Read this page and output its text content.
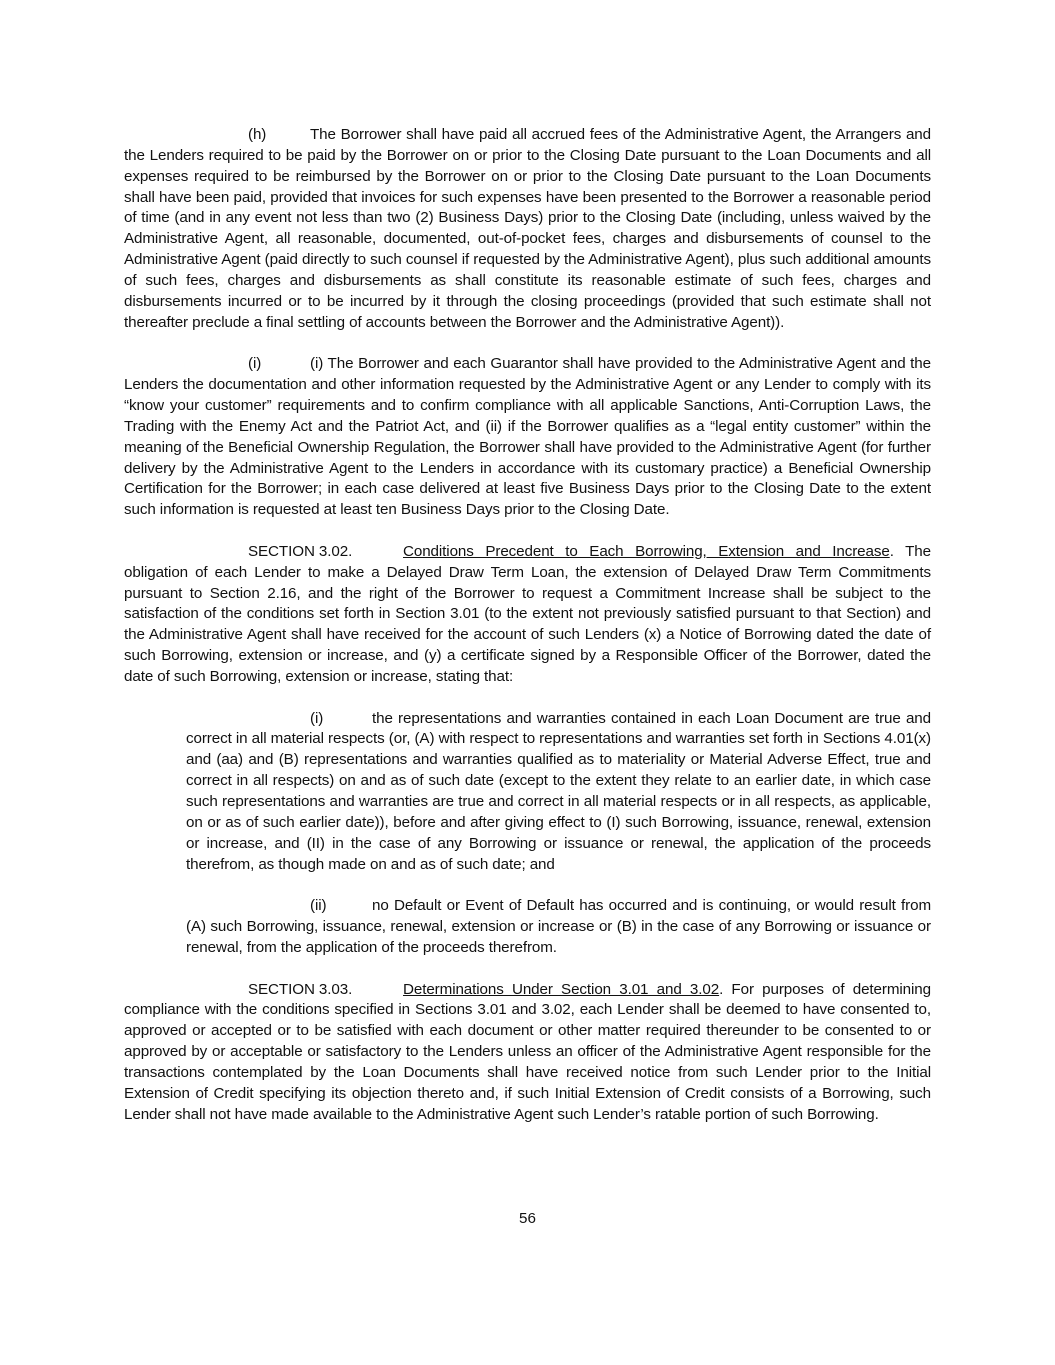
(h)	The Borrower shall have paid all accrued fees of the Administrative Agent, the Arrangers and the Lenders required to be paid by the Borrower on or prior to the Closing Date pursuant to the Loan Documents and all expenses required to be reimbursed by the Borrower on or prior to the Closing Date pursuant to the Loan Documents shall have been paid, provided that invoices for such expenses have been presented to the Borrower a reasonable period of time (and in any event not less than two (2) Business Days) prior to the Closing Date (including, unless waived by the Administrative Agent, all reasonable, documented, out-of-pocket fees, charges and disbursements of counsel to the Administrative Agent (paid directly to such counsel if requested by the Administrative Agent), plus such additional amounts of such fees, charges and disbursements as shall constitute its reasonable estimate of such fees, charges and disbursements incurred or to be incurred by it through the closing proceedings (provided that such estimate shall not thereafter preclude a final settling of accounts between the Borrower and the Administrative Agent)).

(i)	(i) The Borrower and each Guarantor shall have provided to the Administrative Agent and the Lenders the documentation and other information requested by the Administrative Agent or any Lender to comply with its “know your customer” requirements and to confirm compliance with all applicable Sanctions, Anti-Corruption Laws, the Trading with the Enemy Act and the Patriot Act, and (ii) if the Borrower qualifies as a “legal entity customer” within the meaning of the Beneficial Ownership Regulation, the Borrower shall have provided to the Administrative Agent (for further delivery by the Administrative Agent to the Lenders in accordance with its customary practice) a Beneficial Ownership Certification for the Borrower; in each case delivered at least five Business Days prior to the Closing Date to the extent such information is requested at least ten Business Days prior to the Closing Date.

SECTION 3.02.	Conditions Precedent to Each Borrowing, Extension and Increase. The obligation of each Lender to make a Delayed Draw Term Loan, the extension of Delayed Draw Term Commitments pursuant to Section 2.16, and the right of the Borrower to request a Commitment Increase shall be subject to the satisfaction of the conditions set forth in Section 3.01 (to the extent not previously satisfied pursuant to that Section) and the Administrative Agent shall have received for the account of such Lenders (x) a Notice of Borrowing dated the date of such Borrowing, extension or increase, and (y) a certificate signed by a Responsible Officer of the Borrower, dated the date of such Borrowing, extension or increase, stating that:

(i)	the representations and warranties contained in each Loan Document are true and correct in all material respects (or, (A) with respect to representations and warranties set forth in Sections 4.01(x) and (aa) and (B) representations and warranties qualified as to materiality or Material Adverse Effect, true and correct in all respects) on and as of such date (except to the extent they relate to an earlier date, in which case such representations and warranties are true and correct in all material respects or in all respects, as applicable, on or as of such earlier date)), before and after giving effect to (I) such Borrowing, issuance, renewal, extension or increase, and (II) in the case of any Borrowing or issuance or renewal, the application of the proceeds therefrom, as though made on and as of such date; and

(ii)	no Default or Event of Default has occurred and is continuing, or would result from (A) such Borrowing, issuance, renewal, extension or increase or (B) in the case of any Borrowing or issuance or renewal, from the application of the proceeds therefrom.

SECTION 3.03.	Determinations Under Section 3.01 and 3.02. For purposes of determining compliance with the conditions specified in Sections 3.01 and 3.02, each Lender shall be deemed to have consented to, approved or accepted or to be satisfied with each document or other matter required thereunder to be consented to or approved by or acceptable or satisfactory to the Lenders unless an officer of the Administrative Agent responsible for the transactions contemplated by the Loan Documents shall have received notice from such Lender prior to the Initial Extension of Credit specifying its objection thereto and, if such Initial Extension of Credit consists of a Borrowing, such Lender shall not have made available to the Administrative Agent such Lender’s ratable portion of such Borrowing.

56
